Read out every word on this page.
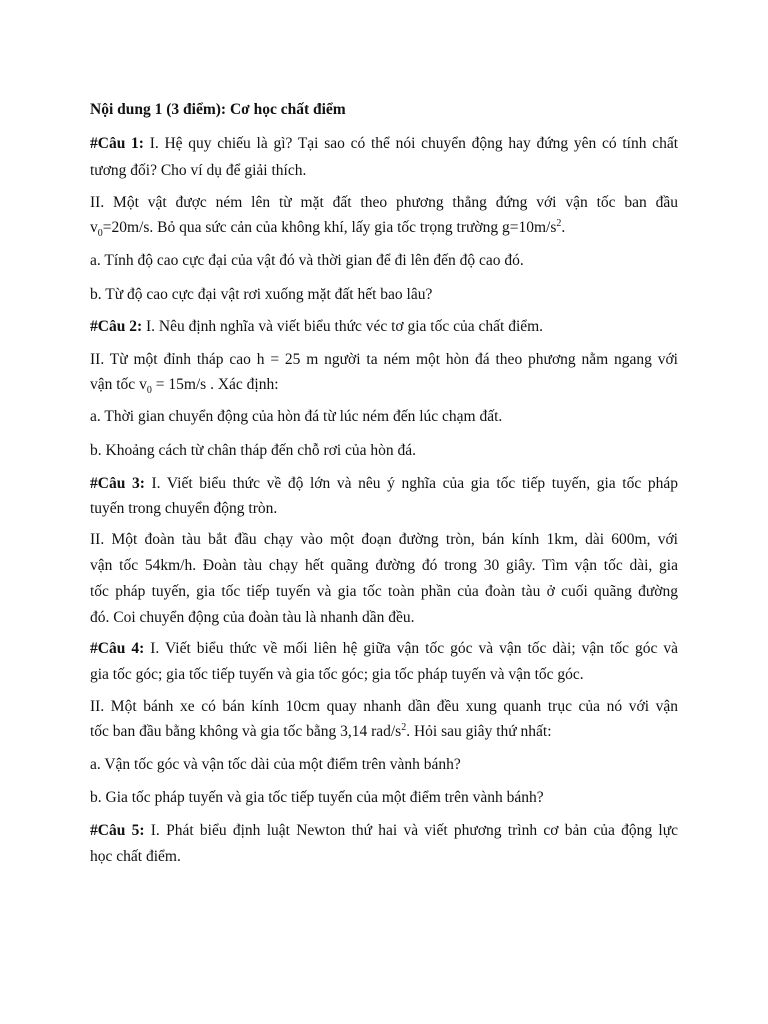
Nội dung 1 (3 điểm): Cơ học chất điểm

#Câu 1: I. Hệ quy chiếu là gì? Tại sao có thể nói chuyển động hay đứng yên có tính chất

tương đối? Cho ví dụ để giải thích.

II. Một vật được ném lên từ mặt đất theo phương thẳng đứng với vận tốc ban đầu

$v_0=20m/s$. Bỏ qua sức cản của không khí, lấy gia tốc trọng trường $g=10m/s^2$.

a. Tính độ cao cực đại của vật đó và thời gian để đi lên đến độ cao đó.

b. Từ độ cao cực đại vật rơi xuống mặt đất hết bao lâu?

#Câu 2: I. Nêu định nghĩa và viết biểu thức véc tơ gia tốc của chất điểm.

II. Từ một đỉnh tháp cao h = 25 m người ta ném một hòn đá theo phương nằm ngang với

vận tốc $v_0 = 15m/s$ . Xác định:

a. Thời gian chuyển động của hòn đá từ lúc ném đến lúc chạm đất.

b. Khoảng cách từ chân tháp đến chỗ rơi của hòn đá.

#Câu 3: I. Viết biểu thức về độ lớn và nêu ý nghĩa của gia tốc tiếp tuyến, gia tốc pháp

tuyến trong chuyển động tròn.

II. Một đoàn tàu bắt đầu chạy vào một đoạn đường tròn, bán kính 1km, dài 600m, với

vận tốc 54km/h. Đoàn tàu chạy hết quãng đường đó trong 30 giây. Tìm vận tốc dài, gia

tốc pháp tuyến, gia tốc tiếp tuyến và gia tốc toàn phần của đoàn tàu ở cuối quãng đường

đó. Coi chuyển động của đoàn tàu là nhanh dần đều.

#Câu 4: I. Viết biểu thức về mối liên hệ giữa vận tốc góc và vận tốc dài; vận tốc góc và

gia tốc góc; gia tốc tiếp tuyến và gia tốc góc; gia tốc pháp tuyến và vận tốc góc.

II. Một bánh xe có bán kính 10cm quay nhanh dần đều xung quanh trục của nó với vận

tốc ban đầu bằng không và gia tốc bằng 3,14 rad/$s^2$. Hỏi sau giây thứ nhất:

a. Vận tốc góc và vận tốc dài của một điểm trên vành bánh?

b. Gia tốc pháp tuyến và gia tốc tiếp tuyến của một điểm trên vành bánh?

#Câu 5: I. Phát biểu định luật Newton thứ hai và viết phương trình cơ bản của động lực

học chất điểm.
